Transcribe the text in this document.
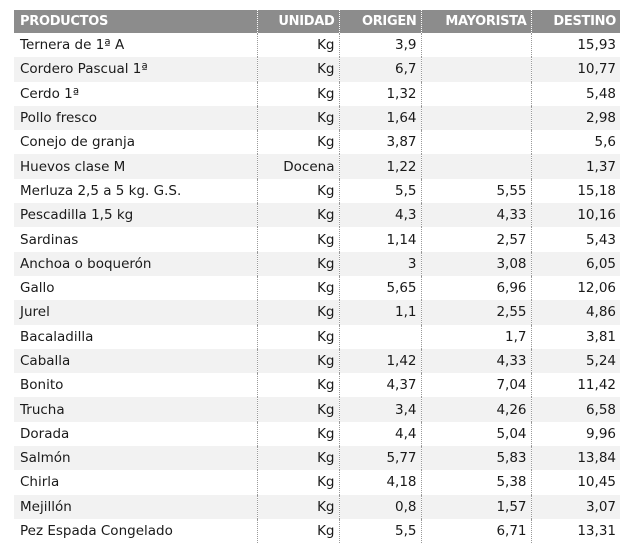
PRODUCTOS	UNIDAD	ORIGEN	MAYORISTA	DESTINO
Ternera de 1ª A	Kg	3,9		15,93
Cordero Pascual 1ª	Kg	6,7		10,77
Cerdo 1ª	Kg	1,32		5,48
Pollo fresco	Kg	1,64		2,98
Conejo de granja	Kg	3,87		5,6
Huevos clase M	Docena	1,22		1,37
Merluza 2,5 a 5 kg. G.S.	Kg	5,5	5,55	15,18
Pescadilla 1,5 kg	Kg	4,3	4,33	10,16
Sardinas	Kg	1,14	2,57	5,43
Anchoa o boquerón	Kg	3	3,08	6,05
Gallo	Kg	5,65	6,96	12,06
Jurel	Kg	1,1	2,55	4,86
Bacaladilla	Kg		1,7	3,81
Caballa	Kg	1,42	4,33	5,24
Bonito	Kg	4,37	7,04	11,42
Trucha	Kg	3,4	4,26	6,58
Dorada	Kg	4,4	5,04	9,96
Salmón	Kg	5,77	5,83	13,84
Chirla	Kg	4,18	5,38	10,45
Mejillón	Kg	0,8	1,57	3,07
Pez Espada Congelado	Kg	5,5	6,71	13,31
